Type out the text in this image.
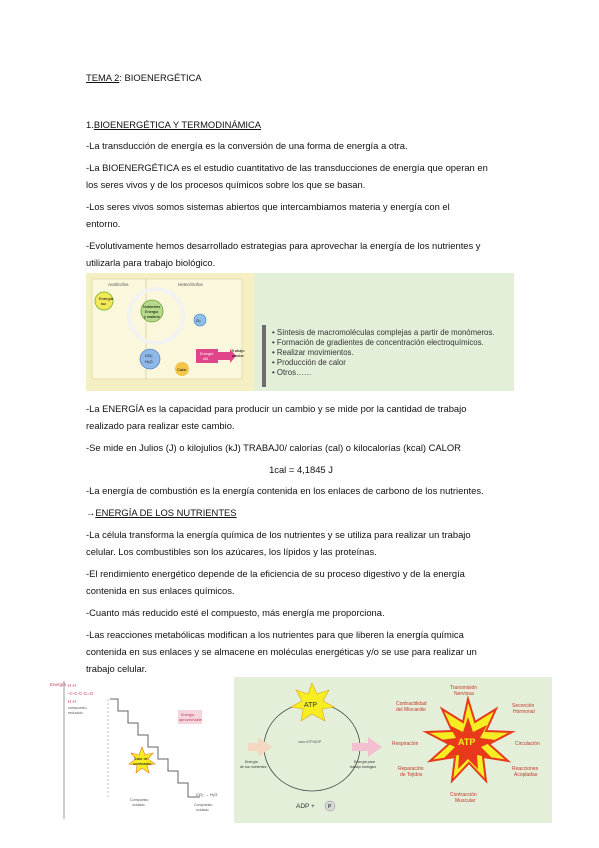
TEMA 2: BIOENERGÉTICA
1.BIOENERGÉTICA Y TERMODINÁMICA
-La transducción de energía es la conversión de una forma de energía a otra.
-La BIOENERGÉTICA es el estudio cuantitativo de las transducciones de energía que operan en
los seres vivos y de los procesos químicos sobre los que se basan.
-Los seres vivos somos sistemas abiertos que intercambiamos materia y energía con el
entorno.
-Evolutivamente hemos desarrollado estrategias para aprovechar la energía de los nutrientes y
utilizarla para trabajo biológico.
Autótrofos	Heterótrofos
Energía
luz
Nutrientes
Energía
y materia
O₂
CO₂
H₂O
Energía
útil
Trabajo
celular
Calor
• Síntesis de macromoléculas complejas a partir de monómeros.
• Formación de gradientes de concentración electroquímicos.
• Realizar movimientos.
• Producción de calor
• Otros……
-La ENERGÍA es la capacidad para producir un cambio y se mide por la cantidad de trabajo
realizado para realizar este cambio.
-Se mide en Julios (J) o kilojulios (kJ) TRABAJ0/ calorías (cal) o kilocalorías (kcal) CALOR
1cal = 4,1845 J
-La energía de combustión es la energía contenida en los enlaces de carbono de los nutrientes.
→ENERGÍA DE LOS NUTRIENTES
-La célula transforma la energía química de los nutrientes y se utiliza para realizar un trabajo
celular. Los combustibles son los azúcares, los lípidos y las proteínas.
-El rendimiento energético depende de la eficiencia de su proceso digestivo y de la energía
contenida en sus enlaces químicos.
-Cuanto más reducido esté el compuesto, más energía me proporciona.
-Las reacciones metabólicas modifican a los nutrientes para que liberen la energía química
contenida en sus enlaces y se almacene en moléculas energéticas y/o se use para realizar un
trabajo celular.
Energía H H
-C-C-C-C=O
H H
compuesto
reducido	Energía
aprovechable
Calor de
combustión
CO₂ → H₂O
Compuesto
oxidado
Compuesto
oxidado
ATP
ADP +	P
ciclo ATP/ADP
Energía
de los nutrientes
Energía para
trabajo biológico
ATP
Transmisión
Nerviosa
Contractilidad
del Miocardio
Secreción
Hormonal
Respiración	Circulación
Reparación
de Tejidos
Reacciones
Acopladas
Contracción
Muscular
